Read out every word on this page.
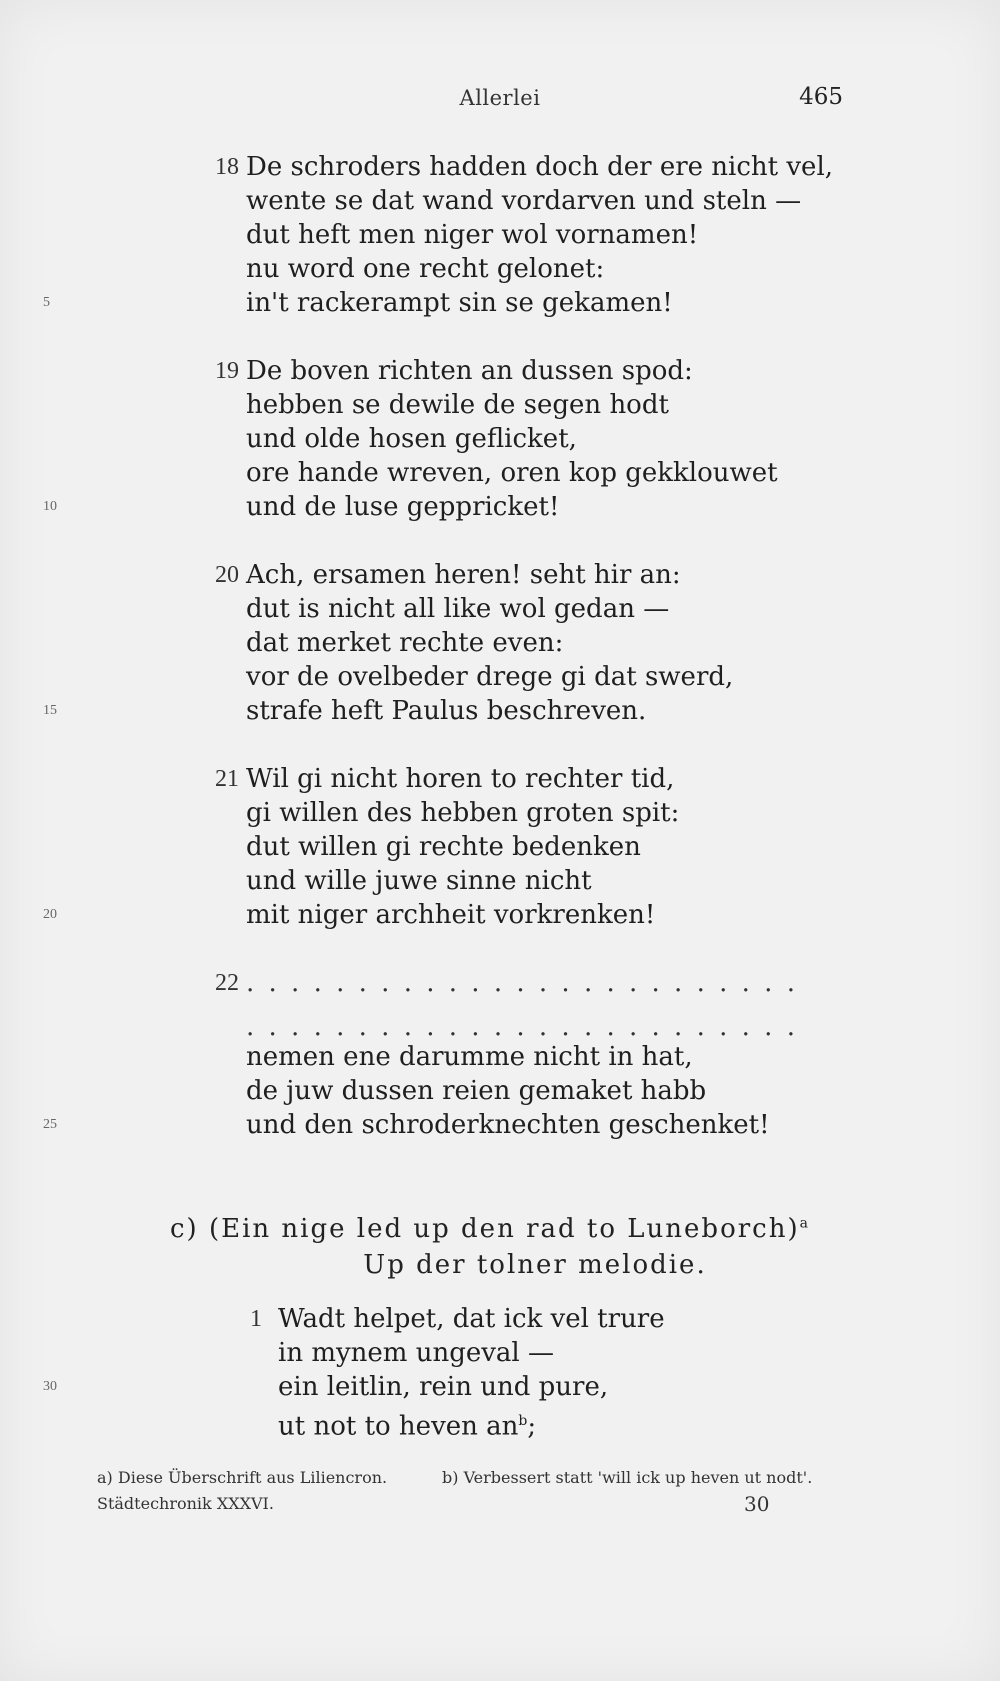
Allerlei	465
18 De schroders hadden doch der ere nicht vel,
wente se dat wand vordarven und steln —
dut heft men niger wol vornamen!
nu word one recht gelonet:
in't rackerampt sin se gekamen!
5
19 De boven richten an dussen spod:
hebben se dewile de segen hodt
und olde hosen geflicket,
ore hande wreven, oren kop gekklouwet
und de luse geppricket!
10
20 Ach, ersamen heren! seht hir an:
dut is nicht all like wol gedan —
dat merket rechte even:
vor de ovelbeder drege gi dat swerd,
strafe heft Paulus beschreven.
15
21 Wil gi nicht horen to rechter tid,
gi willen des hebben groten spit:
dut willen gi rechte bedenken
und wille juwe sinne nicht
mit niger archheit vorkrenken!
20
22 . . . . . . . . . . . . . . . . . . . . . . . . .
. . . . . . . . . . . . . . . . . . . . . . . . .
nemen ene darumme nicht in hat,
de juw dussen reien gemaket habb
und den schroderknechten geschenket!
25
c) (Ein nige led up den rad to Luneborch)$^a$
Up der tolner melodie.
1 Wadt helpet, dat ick vel trure
in mynem ungeval —
ein leitlin, rein und pure,
ut not to heven $an^b$;
30
a) Diese Überschrift aus Liliencron.	b) Verbessert statt 'will ick up heven ut nodt'.
Städtechronik XXXVI.	30
